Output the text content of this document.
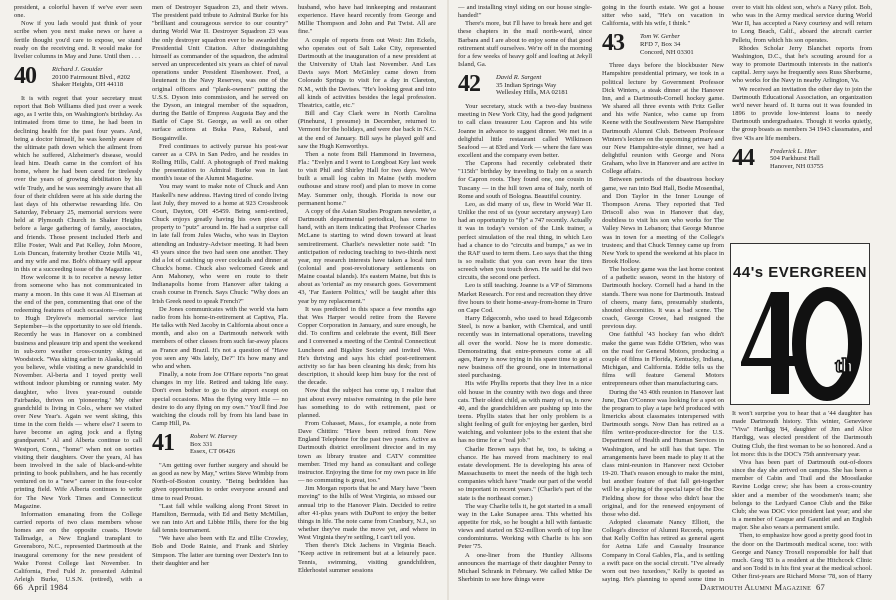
president, a colorful haven if we've ever seen one.

Now if you lads would just think of your scribe when you next make news or have a fertile thought you'd care to expose, we stand ready on the receiving end. It would make for livelier columns in May and June. Until then . . .

40	Richard J. Gouider
20100 Fairmount Blvd., #202
Shaker Heights, OH 44118

It is with regret that your secretary must report that Bob Williams died just over a week ago, as I write this, on Washington's birthday. As intimated from time to time, he had been in declining health for the past four years. And, being a doctor himself, he was keenly aware of the ultimate path down which the ailment from which he suffered, Alzheimer's disease, would lead him. Death came in the comfort of his home, where he had been cared for tirelessly over the years of growing debilitation by his wife Trudy, and he was seemingly aware that all four of their children were at his side during the last days of his otherwise rewarding life. On Saturday, February 25, memorial services were held at Plymouth Church in Shaker Heights before a large gathering of family, associates, and friends. Those present included Herb and Ellie Foster, Walt and Pat Kelley, John Moore, Lois Duncan, fraternity brother Ozzie Mills '41, and my wife and me. Bob's obituary will appear in this or a succeeding issue of the Magazine.

How welcome it is to receive a newsy letter from someone who has not communicated in many a moon. In this case it was Al Eiseman at the end of the pen, commenting that one of the redeeming features of such occasions—referring to Hugh Drylove's memorial service last September—is the opportunity to see old friends. Recently he was in Hanover on a combined business and pleasure trip and spent the weekend in sub-zero weather cross-country skiing at Woodstock. "Was skiing earlier in Alaska, would you believe, while visiting a new grandchild in November. Al-berta and I toyed pretty well without indoor plumbing or running water. My daughter, who lives year-round outside Fairbanks, thrives on 'pioneering.' My other grandchild is living in Colo., where we visited over New Year's. Again we went skiing, this time in the corn fields — where else? I seem to have become an aging jock and a flying grandparent." Al and Alberta continue to call Westport, Conn., "home" when not on sorties visiting their daughters. Over the years, Al has been involved in the sale of black-and-white printing to book publishers, and he has recently ventured on to a "new" career in the four-color printing field. Wife Alberta continues to write for The New York Times and Connecticut Magazine.

Information emanating from the College carried reports of two class members whose homes are on the opposite coasts. Howie Tallmadge, a New England transplant to Greensboro, N.C., represented Dartmouth at the inaugural ceremony for the new president of Wake Forest College last November. In California, Fred Fuld Jr. presented Admiral Arleigh Burke, U.S.N. (retired), with a

men of Destroyer Squadron 23, and their wives. The president paid tribute to Admiral Burke for his "brilliant and courageous service to our country" during World War II. Destroyer Squadron 23 was the only destroyer squadron ever to be awarded the Presidential Unit Citation. After distinguishing himself as commander of the squadron, the admiral served an unprecedented six years as chief of naval operations under President Eisenhower. Fred, a lieutenant in the Navy Reserves, was one of the original officers and "plank-owners" putting the U.S.S. Dyson into commission, and he served on the Dyson, an integral member of the squadron, during the Battle of Empress Augusta Bay and the Battle of Cape St. George, as well as on other surface actions at Buka Pass, Rabaul, and Bougainville.

Fred continues to actively pursue his post-war career as a CPA in San Pedro, and he resides in Rolling Hills, Calif. A photograph of Fred making the presentation to Admiral Burke was in last month's issue of the Alumni Magazine.

You may want to make note of Chuck and Ann Haskell's new address. Having tired of condo living last July, they moved to a home at 923 Crossbrook Court, Dayton, OH 45459. Being semi-retired, Chuck enjoys greatly having his own piece of property to "putz" around in. He had a surprise call in late fall from Jules Wachs, who was in Dayton attending an Industry-Advisor meeting. It had been 43 years since the two had seen one another. They did a lot of catching up over cocktails and dinner at Chuck's home. Chuck also welcomed Greek and Ann Mahoney, who were en route to their Indianapolis home from Hanover after taking a crash course in French. Says Chuck: "Why does an Irish Greek need to speak French?"

De Jones communicates with the world via ham radio from his home-in-retirement at Captiva, Fla. He talks with Ned Jacoby in California about once a month, and also on a Dartmouth network with members of other classes from such far-away places as France and Brazil. It's not a question of "Have you seen any '40s lately, De?" It's how many and who and when.

Finally, a note from Joe O'Hare reports "no great changes in my life. Retired and taking life easy. Don't even bother to go to the airport except on special occasions. Miss the flying very little — no desire to do any flying on my own." You'll find Joe watching the clouds roll by from his land base in Camp Hill, Pa.

41	Robert W. Harvey
Box 331
Essex, CT 06426

"Am getting over further surgery and should be as good as new by May," writes Steve Wimbip from North-of-Boston country. "Being bedridden has given opportunities to order everyone around and time to read Proust.

"Last fall while walking along Front Street in Hamilton, Bermuda, with Ed and Betty McMillan, we ran into Art and Libbie Hills, there for the big fall tennis tournament.

"We have also been with Ez and Ellie Crowley, Bob and Dode Rainie, and Frank and Shirley Simpson. The latter are turning over Dexter's Inn to their daughter and her

husband, who have had innkeeping and restaurant experience. Have heard recently from George and Millie Thompson and John and Pat Twist. All are fine."

A couple of reports from out West: Jim Eckels, who operates out of Salt Lake City, represented Dartmouth at the inauguration of a new president at the University of Utah last November. And Les Davis says Mort McGinley came down from Colorado Springs to visit for a day in Clareton, N.M., with the Davises. "He's looking great and into all kinds of activities besides the legal profession. Theatrics, cattle, etc."

Bill and Cay Clark were in North Carolina (Pinehurst, I presume) in December, returned to Vermont for the holidays, and were due back in N.C. at the end of January. Bill says he played golf and saw the Hugh Kenworthys.

Then a note from Bill Hammond in Inverness, Fla.: "Evelyn and I went to Longboat Key last week to visit Phil and Shirley Hall for two days. We've built a small log cabin in Maine (with modern outhouse and straw roof) and plan to move in come May. Summer only, though. Florida is now our permanent home."

A copy of the Asian Studies Program newsletter, a Dartmouth departmental periodical, has come to hand, with an item indicating that Professor Charles McLane is starting to wind down toward at least semiretirement. Charlie's newsletter note said: "In anticipation of reducing teaching to two-thirds next year, my research interests have taken a local turn (colonial and post-revolutionary settlements on Maine coastal islands). It's eastern Maine, but this is about as 'oriental' as my research goes. Government 43, 'Far Eastern Politics,' will be taught after this year by my replacement."

It was predicted in this space a few months ago that Wes Harper would retire from the Revere Copper Corporation in January, and sure enough, he did. To confirm and celebrate the event, Bill Beer and I convened a meeting of the Central Connecticut Luncheon and Bigshire Society and invited Wes. He's thriving and says his chief post-retirement activity so far has been cleaning his desk; from his description, it should keep him busy for the rest of the decade.

Now that the subject has come up, I realize that just about every missive remaining in the pile here has something to do with retirement, past or planned.

From Cohasset, Mass., for example, a note from Dave Chittim: "Have been retired from New England Telephone for the past two years. Active as Dartmouth district enrollment director and in my town as library trustee and CATV committee member. Tried my hand as consultant and college instructor. Enjoying the time for my own pace in life — no commuting is great, too."

Jim Morgan reports that he and Mary have "been moving" to the hills of West Virginia, so missed our annual trip to the Hanover Plain. Decided to retire after 41-plus years with DuPont to enjoy the better things in life. The note came from Cranbury, N.J., so whether they've made the move yet, and where in West Virginia they're settling, I can't tell you.

Then there's Dick Jachens in Virginia Beach. "Keep active in retirement but at a leisurely pace. Tennis, swimming, visiting grandchildren, Elderhostel summer sessions

66 April 1984

— and installing vinyl siding on our house single-handed!"

There's more, but I'll have to break here and get these chapters in the mail north-ward, since Barbara and I are about to enjoy some of that good retirement stuff ourselves. We're off in the morning for a few weeks of heavy golf and loafing at Jekyll Island, Ga.

42	David R. Sargent
35 Indian Springs Way
Wellesley Hills, MA 02181

Your secretary, stuck with a two-day business meeting in New York City, had the good judgment to call class treasurer Lou Capron and his wife Joanne in advance to suggest dinner. We met in a delightful little restaurant called Wilkinson Seafood — at 83rd and York — where the fare was excellent and the company even better.

The Caprons had recently celebrated their "115th" birthday by traveling to Italy on a search for Capron roots. They found one, one cousin in Tuscany — in the hill town area of Italy, north of Rome and south of Bologna. Beautiful country.

Leo, as did many of us, flew in World War II. Unlike the rest of us (your secretary anyway) Leo had an opportunity to "fly" a 747 recently. Actually it was in today's version of the Link trainer, a perfect simulation of the real thing, in which Leo had a chance to do "circuits and bumps," as we in the RAF used to term them. Leo says that the thing is so realistic that you can even hear the tires screech when you touch down. He said he did two circuits, the second one perfect.

Leo is still teaching. Joanne is a VP of Simmons Market Research. For rest and recreation they drive five hours to their home-away-from-home in Truro on Cape Cod.

Harry Edgecomb, who used to head Edgecomb Steel, is now a banker, with Chemical, and until recently was in international operations, traveling all over the world. Now he is more domestic. Demonstrating that entre-preneurs come at all ages, Harry is now trying in his spare time to get a new business off the ground, one in international steel purchasing.

His wife Phyllis reports that they live in a nice old house in the country with two dogs and three cats. Their oldest child, as with many of us, is now 40, and the grandchildren are pushing up into the teens. Phyllis states that her only problem is a slight feeling of guilt for enjoying her garden, bird watching, and volunteer jobs to the extent that she has no time for a "real job."

Charlie Brown says that he, too, is taking a chance. He has moved from machinery to real estate development. He is developing his area of Massachusetts to meet the needs of the high tech companies which have "made our part of the world so important in recent years." (Charlie's part of the state is the northeast corner.)

The way Charlie tells it, he got started in a small way in the Lake Sunapee area. This whetted his appetite for risk, so he bought a hill with fantastic views and started on $32-million worth of top line condominiums. Working with Charlie is his son Peter '75.

A one-liner from the Huntley Allisons announces the marriage of their daughter Penny to Michael Schrank in February. We called Mike De Sherbinin to see how things were

going in the fourth estate. We got a house sitter who said, "He's on vacation in California, with his wife, I think."

43	Tom W. Gerber
RFD 7, Box 34
Concord, NH 03301

Three days before the blockbuster New Hampshire presidential primary, we took in a political lecture by Government Professor Dick Winters, a steak dinner at the Hanover Inn, and a Dartmouth-Cornell hockey game. We shared all three events with Fritz Geller and his wife Nanice, who came up from Keene with the Southwestern New Hampshire Dartmouth Alumni Club. Between Professor Winters's lecture on the upcoming primary and our New Hampshire-style dinner, we had a delightful reunion with George and Nora Graham, who live in Hanover and are active in College affairs.

Between periods of the disastrous hockey game, we ran into Bud Hall, Bodie Mosenthal, and Don Taylor in the Inner Lounge of Thompson Arena. They reported that Ted Driscoll also was in Hanover that day, doubtless to visit his son who works for The Valley News in Lebanon; that George Munroe was in town for a meeting of the College's trustees; and that Chuck Tenney came up from New York to spend the weekend at his place in Brook Hollow.

The hockey game was the last home contest of a pathetic season, worst in the history of Dartmouth hockey. Cornell had a hand in the stands. There was none for Dartmouth. Instead of cheers, many fans, presumably students, shouted obscenities. It was a bad scene. The coach, George Crowe, had resigned the previous day.

One faithful '43 hockey fan who didn't make the game was Eddie O'Brien, who was on the road for General Motors, producing a couple of films in Florida, Kentucky, Indiana, Michigan, and California. Eddie tells us the films will feature General Motors entrepreneurs other than manufacturing cars.

During the '43 40th reunion in Hanover last June, Dan O'Connor was looking for a spot on the program to play a tape he'd produced with limericks about classmates interspersed with Dartmouth songs. Now Dan has retired as a film writer-producer-director for the U.S. Department of Health and Human Services in Washington, and he still has that tape. The arrangements have been made to play it at the class mini-reunion in Hanover next October 19-20. That's reason enough to make the mini, but another feature of that fall get-together will be a playing of the special tape of the Doc Fielding show for those who didn't hear the original, and for the renewed enjoyment of those who did.

Adopted classmate Nancy Elliott, the College's director of Alumni Records, reports that Kelly Coffin has retired as general agent for Aetna Life and Casualty Insurance Company in Coral Gables, Fla., and is settling a swift pace on the social circuit. "I've already worn out two tuxedoes," Kelly is quoted as saying. He's planning to spend some time in

over to visit his oldest son, who's a Navy pilot. Bob, who was in the Army medical service during World War II, has accepted a Navy courtesy and will return to Long Beach, Calif., aboard the aircraft carrier Pelleiu, from which his son operates.

Rhodes Scholar Jerry Blanchet reports from Washington, D.C., that he's scouting around for a way to promote Dartmouth interests in the nation's capital. Jerry says he frequently sees Russ Sherburne, who works for the Navy in nearby Arlington, Va.

We received an invitation the other day to join the Dartmouth Educational Association, an organization we'd never heard of. It turns out it was founded in 1896 to provide low-interest loans to needy Dartmouth undergraduates. Though it works quietly, the group boasts as members 34 1943 classmates, and five '43s are life members.

44	Frederick L. Hier
504 Parkhurst Hall
Hanover, NH 03755
44's EVERGREEN
th

It won't surprise you to hear that a '44 daughter has made Dartmouth history. This winter, Genevieve "Viva" Hardigg '84, daughter of Jim and Alice Hardigg, was elected president of the Dartmouth Outing Club, the first woman to be so honored. And a lot more: this is the DOC's 75th anniversary year.

Viva has been part of Dartmouth out-of-doors since the day she arrived on campus. She has been a member of Cabin and Trail and the Moosilauke Ravine Lodge crew; she has been a cross-country skier and a member of the woodsmen's team; she belongs to the Ledyard Canoe Club and the Bike Club; she was DOC vice president last year; and she is a member of Casque and Gauntlet and an English major. She also wears a permanent smile.

Then, to emphasize how good a pretty good foot in the door on the Dartmouth medical scene, too: with George and Nancy Troxell responsible for half that much. Greg '83 is a resident at the Hitchcock Clinic and son Todd is in his first year at the medical school. Other first-years are Richard Morse '78, son of Harry

Dartmouth Alumni Magazine 67
